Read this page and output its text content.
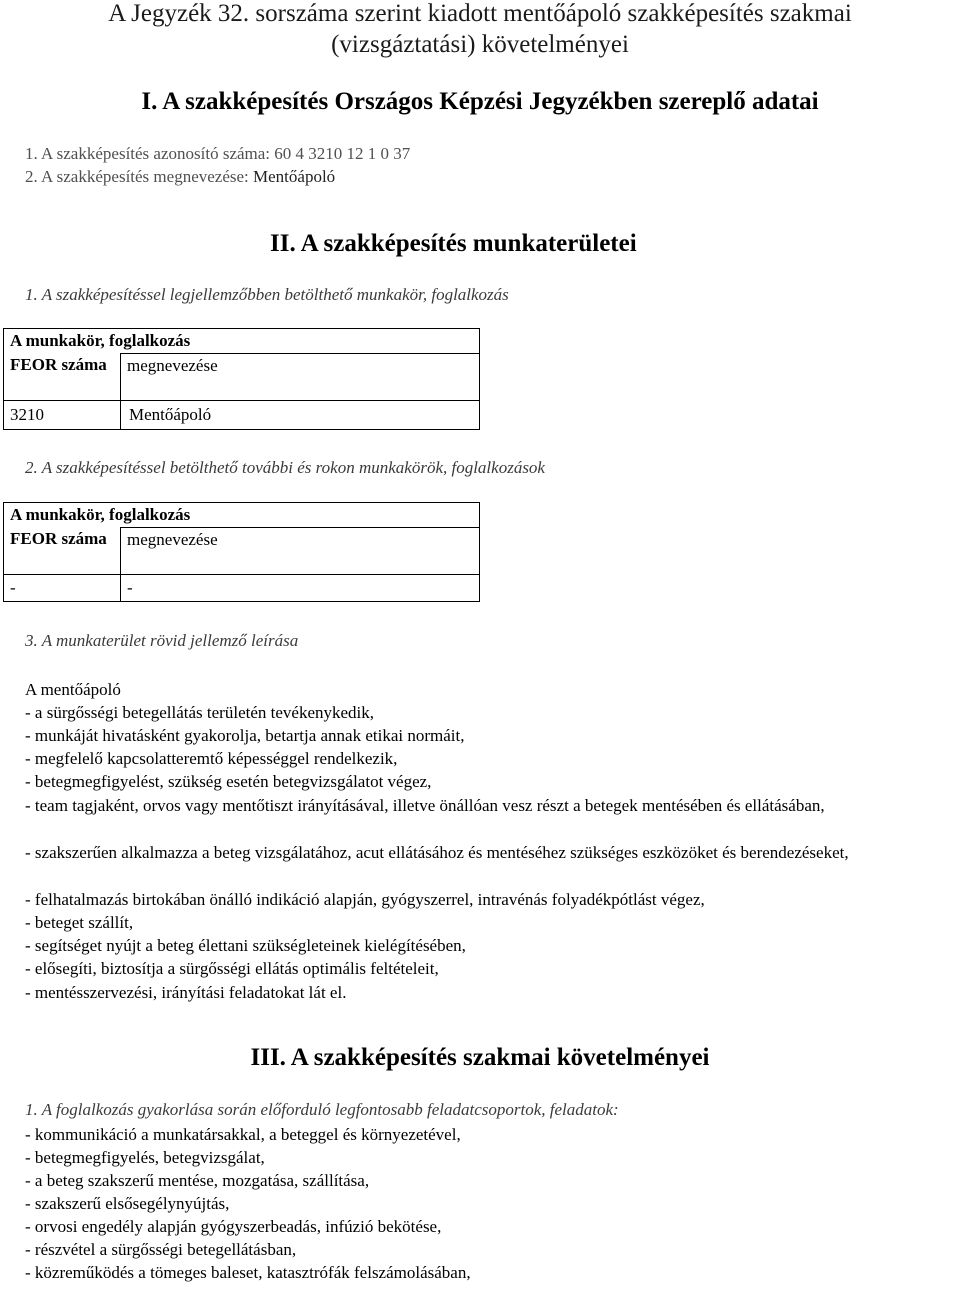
A Jegyzék 32. sorszáma szerint kiadott mentőápoló szakképesítés szakmai
(vizsgáztatási) követelményei
I. A szakképesítés Országos Képzési Jegyzékben szereplő adatai
1. A szakképesítés azonosító száma: 60 4 3210 12 1 0 37
2. A szakképesítés megnevezése: Mentőápoló
II. A szakképesítés munkaterületei
1. A szakképesítéssel legjellemzőbben betölthető munkakör, foglalkozás
A munkakör, foglalkozás	
FEOR száma	megnevezése
3210	Mentőápoló
2. A szakképesítéssel betölthető további és rokon munkakörök, foglalkozások
A munkakör, foglalkozás	
FEOR száma	megnevezése
-	-
3. A munkaterület rövid jellemző leírása
A mentőápoló
- a sürgősségi betegellátás területén tevékenykedik,
- munkáját hivatásként gyakorolja, betartja annak etikai normáit,
- megfelelő kapcsolatteremtő képességgel rendelkezik,
- betegmegfigyelést, szükség esetén betegvizsgálatot végez,
- team tagjaként, orvos vagy mentőtiszt irányításával, illetve önállóan vesz részt a betegek mentésében és ellátásában,
- szakszerűen alkalmazza a beteg vizsgálatához, acut ellátásához és mentéséhez szükséges eszközöket és berendezéseket,
- felhatalmazás birtokában önálló indikáció alapján, gyógyszerrel, intravénás folyadékpótlást végez,
- beteget szállít,
- segítséget nyújt a beteg élettani szükségleteinek kielégítésében,
- elősegíti, biztosítja a sürgősségi ellátás optimális feltételeit,
- mentésszervezési, irányítási feladatokat lát el.
III. A szakképesítés szakmai követelményei
1. A foglalkozás gyakorlása során előforduló legfontosabb feladatcsoportok, feladatok:
- kommunikáció a munkatársakkal, a beteggel és környezetével,
- betegmegfigyelés, betegvizsgálat,
- a beteg szakszerű mentése, mozgatása, szállítása,
- szakszerű elsősegélynyújtás,
- orvosi engedély alapján gyógyszerbeadás, infúzió bekötése,
- részvétel a sürgősségi betegellátásban,
- közreműködés a tömeges baleset, katasztrófák felszámolásában,
